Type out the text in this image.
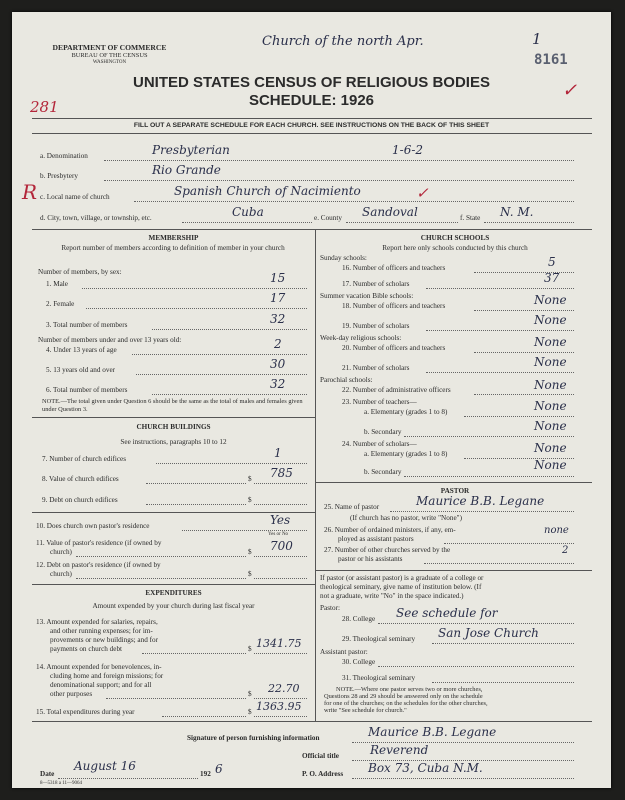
DEPARTMENT OF COMMERCE
BUREAU OF THE CENSUS
WASHINGTON
Church of the north Apr.	1
8161
✓
UNITED STATES CENSUS OF RELIGIOUS BODIES
SCHEDULE: 1926
281
FILL OUT A SEPARATE SCHEDULE FOR EACH CHURCH. SEE INSTRUCTIONS ON THE BACK OF THIS SHEET
a. Denomination	Presbyterian	1-6-2
b. Presbytery	Rio Grande
c. Local name of church	Spanish Church of Nacimiento	✓
d. City, town, village, or township, etc.	Cuba	e. County Sandoval	f. State N. M.
R
MEMBERSHIP
Report number of members according to definition of member in your church
Number of members, by sex:
1. Male	15
2. Female	17
3. Total number of members	32
Number of members under and over 13 years old:
4. Under 13 years of age	2
5. 13 years old and over	30
6. Total number of members	32
NOTE.—The total given under Question 6 should be the same as the total of males and females given under Question 3.
CHURCH BUILDINGS
See instructions, paragraphs 10 to 12
7. Number of church edifices	1
8. Value of church edifices	$ 785
9. Debt on church edifices	$
10. Does church own pastor's residence	Yes
Yes or No
11. Value of pastor's residence (if owned by
church)	$ 700
12. Debt on pastor's residence (if owned by
church)	$
EXPENDITURES
Amount expended by your church during last fiscal year
13. Amount expended for salaries, repairs,
and other running expenses; for im-
provements or new buildings; and for
payments on church debt	$ 1341.75
14. Amount expended for benevolences, in-
cluding home and foreign missions; for
denominational support; and for all
other purposes	$ 22.70
15. Total expenditures during year	$ 1363.95
CHURCH SCHOOLS
Report here only schools conducted by this church
Sunday schools:
16. Number of officers and teachers	5
17. Number of scholars	37
Summer vacation Bible schools:
18. Number of officers and teachers	None
19. Number of scholars	None
Week-day religious schools:
20. Number of officers and teachers	None
21. Number of scholars	None
Parochial schools:
22. Number of administrative officers	None
23. Number of teachers—
a. Elementary (grades 1 to 8)	None
b. Secondary	None
24. Number of scholars—
a. Elementary (grades 1 to 8)	None
b. Secondary	None
PASTOR
25. Name of pastor	Maurice B.B. Legane
(If church has no pastor, write "None")
26. Number of ordained ministers, if any, em-
ployed as assistant pastors
none
27. Number of other churches served by the
pastor or his assistants
2
If pastor (or assistant pastor) is a graduate of a college or
theological seminary, give name of institution below. (If
not a graduate, write "No" in the space indicated.)
Pastor:
28. College See schedule for
29. Theological seminary San Jose Church
Assistant pastor:
30. College
31. Theological seminary
NOTE.—Where one pastor serves two or more churches,
Questions 28 and 29 should be answered only on the schedule
for one of the churches; on the schedules for the other churches,
write "See schedule for church."
Signature of person furnishing information	Maurice B.B. Legane
Official title	Reverend
Date
August 16
192 6	P. O. Address Box 73, Cuba N.M.
8—5318 a 11—9064
